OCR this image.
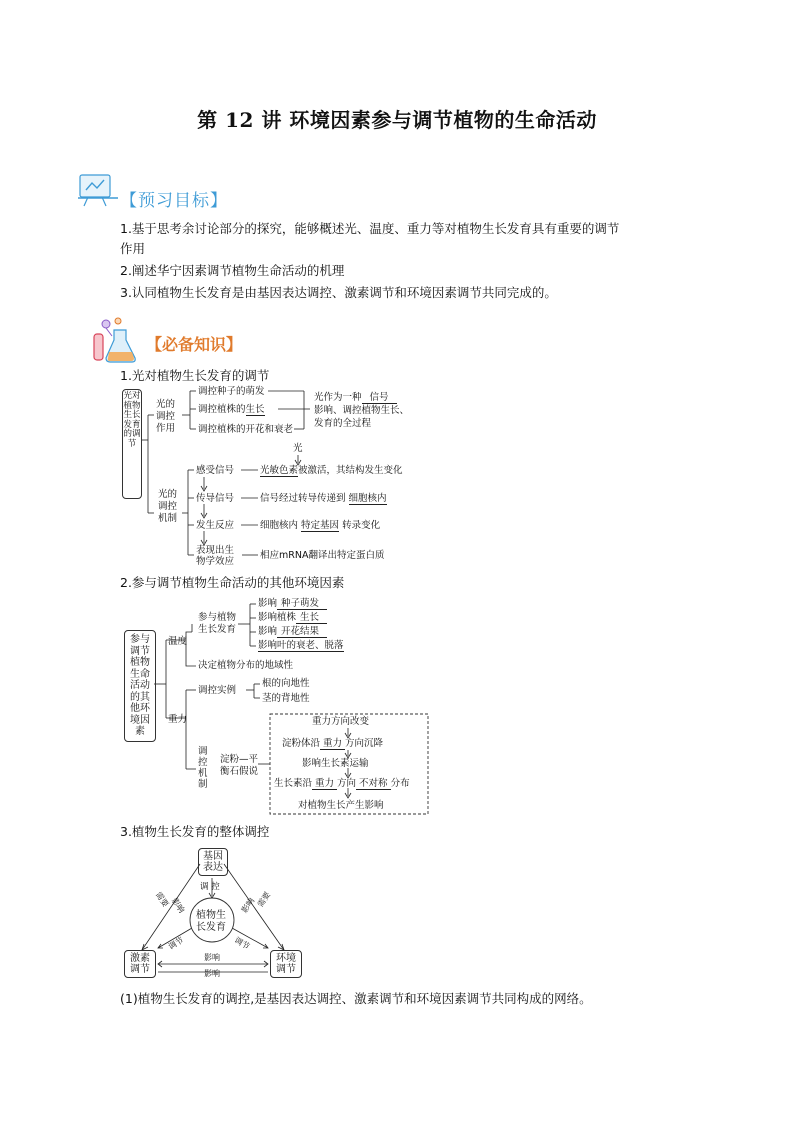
第 12 讲 环境因素参与调节植物的生命活动
【预习目标】
1.基于思考余讨论部分的探究，能够概述光、温度、重力等对植物生长发育具有重要的调节
作用
2.阐述华宁因素调节植物生命活动的机理
3.认同植物生长发育是由基因表达调控、激素调节和环境因素调节共同完成的。
【必备知识】
1.光对植物生长发育的调节
光对植物生长发育的调节
光的调控作用
调控种子的萌发
调控植株的生长
调控植株的开花和衰老
光作为一种 信号
影响、调控植物生长、
发育的全过程
光
光的调控机制
感受信号	光敏色素被激活，其结构发生变化
传导信号	信号经过转导传递到 细胞核内
发生反应	细胞核内 特定基因 转录变化
表现出生
物学效应
相应mRNA翻译出特定蛋白质
2.参与调节植物生命活动的其他环境因素
参与调节植物生命活动的其他环境因素
温度
参与植物
生长发育
影响 种子萌发
影响植株 生长
影响 开花结果
影响叶的衰老、脱落
决定植物分布的地域性
重力
调控实例
根的向地性
茎的背地性
调控机制
淀粉—平
衡石假说
重力方向改变
淀粉体沿 重力 方向沉降
影响生长素运输
生长素沿 重力 方向 不对称 分布
对植物生长产生影响
3.植物生长发育的整体调控
基因
表达
激素
调节
环境
调节
植物生
长发育
调 控
需要 影响	需要
影响
调节	调节
影响
影响
(1)植物生长发育的调控,是基因表达调控、激素调节和环境因素调节共同构成的网络。
